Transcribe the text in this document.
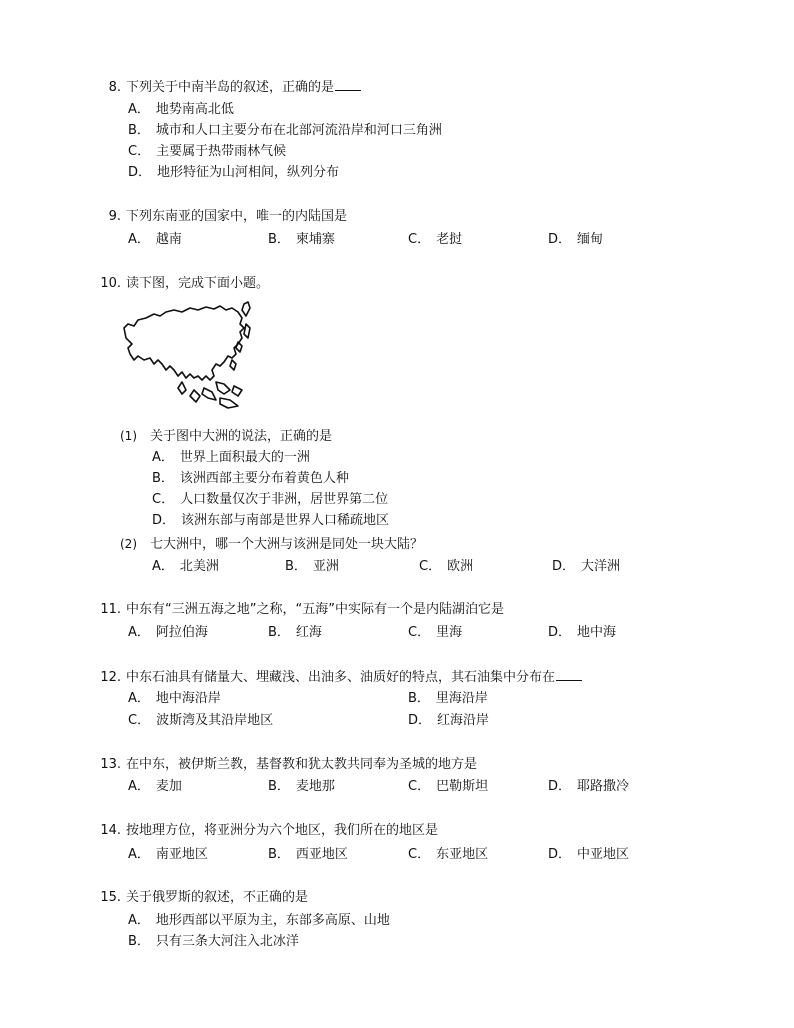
8. 下列关于中南半岛的叙述，正确的是
A． 地势南高北低
B． 城市和人口主要分布在北部河流沿岸和河口三角洲
C． 主要属于热带雨林气候
D． 地形特征为山河相间，纵列分布
9. 下列东南亚的国家中，唯一的内陆国是
A． 越南	B． 柬埔寨	C． 老挝	D． 缅甸
10. 读下图，完成下面小题。
(1) 关于图中大洲的说法，正确的是
A． 世界上面积最大的一洲
B． 该洲西部主要分布着黄色人种
C． 人口数量仅次于非洲，居世界第二位
D． 该洲东部与南部是世界人口稀疏地区
(2) 七大洲中，哪一个大洲与该洲是同处一块大陆？
A． 北美洲	B． 亚洲	C． 欧洲	D． 大洋洲
11. 中东有“三洲五海之地”之称，“五海”中实际有一个是内陆湖泊它是
A． 阿拉伯海	B． 红海	C． 里海	D． 地中海
12. 中东石油具有储量大、埋藏浅、出油多、油质好的特点，其石油集中分布在
A． 地中海沿岸	B． 里海沿岸
C． 波斯湾及其沿岸地区	D． 红海沿岸
13. 在中东，被伊斯兰教，基督教和犹太教共同奉为圣城的地方是
A． 麦加	B． 麦地那	C． 巴勒斯坦	D． 耶路撒冷
14. 按地理方位，将亚洲分为六个地区，我们所在的地区是
A． 南亚地区	B． 西亚地区	C． 东亚地区	D． 中亚地区
15. 关于俄罗斯的叙述，不正确的是
A． 地形西部以平原为主，东部多高原、山地
B． 只有三条大河注入北冰洋
